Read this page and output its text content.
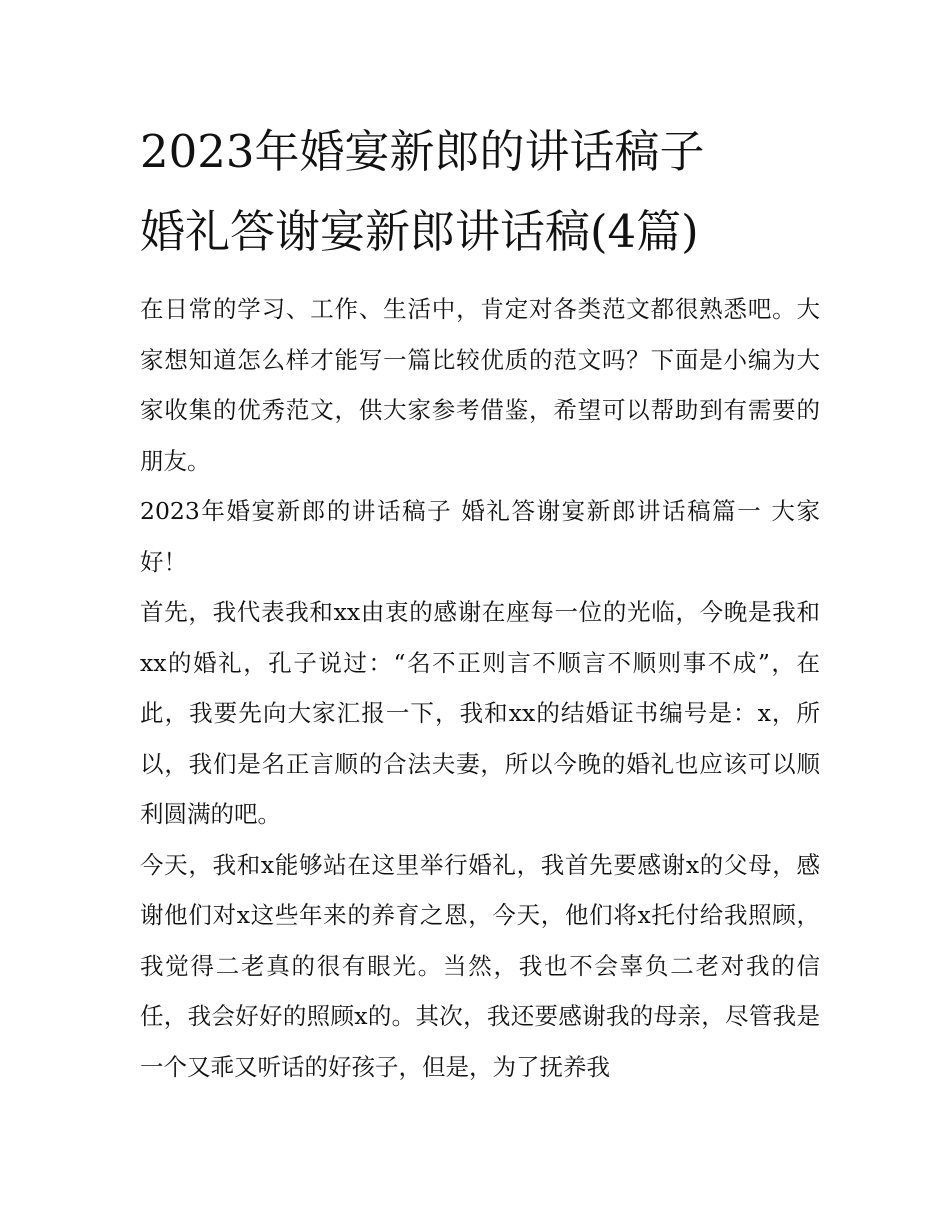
2023年婚宴新郎的讲话稿子
婚礼答谢宴新郎讲话稿(4篇)

在日常的学习、工作、生活中，肯定对各类范文都很熟悉吧。大家想知道怎么样才能写一篇比较优质的范文吗？下面是小编为大家收集的优秀范文，供大家参考借鉴，希望可以帮助到有需要的朋友。

2023年婚宴新郎的讲话稿子 婚礼答谢宴新郎讲话稿篇一 大家好！

首先，我代表我和xx由衷的感谢在座每一位的光临，今晚是我和xx的婚礼，孔子说过：“名不正则言不顺言不顺则事不成”，在此，我要先向大家汇报一下，我和xx的结婚证书编号是：x，所以，我们是名正言顺的合法夫妻，所以今晚的婚礼也应该可以顺利圆满的吧。

今天，我和x能够站在这里举行婚礼，我首先要感谢x的父母，感谢他们对x这些年来的养育之恩，今天，他们将x托付给我照顾，我觉得二老真的很有眼光。当然，我也不会辜负二老对我的信任，我会好好的照顾x的。其次，我还要感谢我的母亲，尽管我是一个又乖又听话的好孩子，但是，为了抚养我
